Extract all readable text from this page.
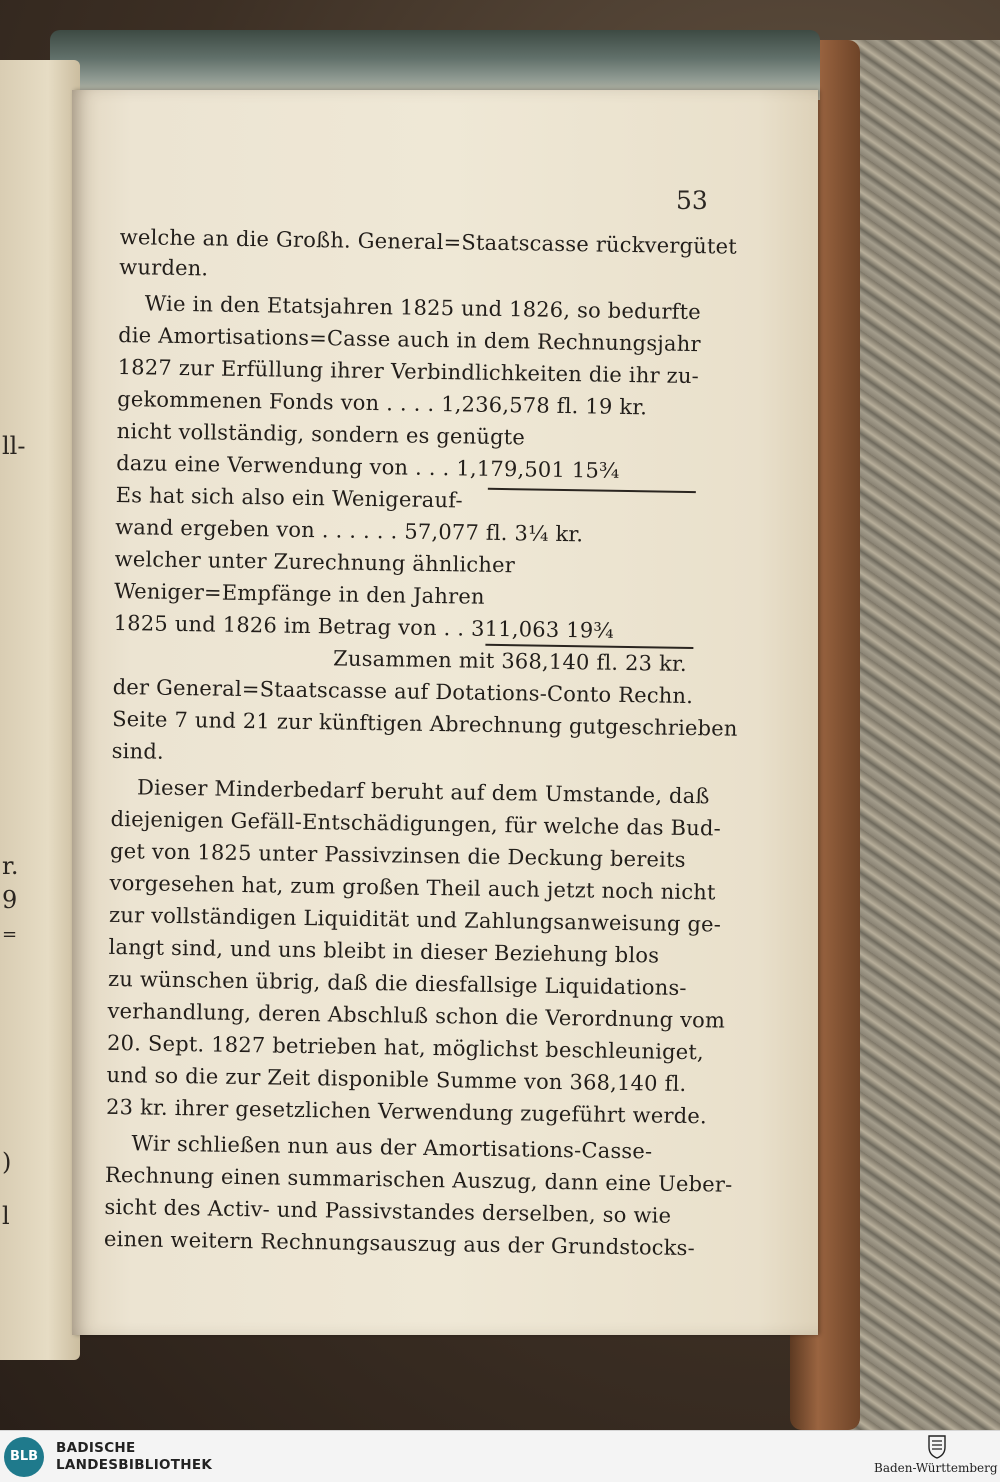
ll-
r.
9
=
)
l
53
welche an die Großh. General=Staatscasse rückvergütet
wurden.
Wie in den Etatsjahren 1825 und 1826, so bedurfte
die Amortisations=Casse auch in dem Rechnungsjahr
1827 zur Erfüllung ihrer Verbindlichkeiten die ihr zu-
gekommenen Fonds von . . . . 1,236,578 fl. 19 kr.
nicht vollständig, sondern es genügte
dazu eine Verwendung von . . . 1,179,501 15¾
Es hat sich also ein Wenigerauf-
wand ergeben von . . . . . . 57,077 fl. 3¼ kr.
welcher unter Zurechnung ähnlicher
Weniger=Empfänge in den Jahren
1825 und 1826 im Betrag von . . 311,063 19¾
Zusammen mit 368,140 fl. 23 kr.
der General=Staatscasse auf Dotations-Conto Rechn.
Seite 7 und 21 zur künftigen Abrechnung gutgeschrieben
sind.
Dieser Minderbedarf beruht auf dem Umstande, daß
diejenigen Gefäll-Entschädigungen, für welche das Bud-
get von 1825 unter Passivzinsen die Deckung bereits
vorgesehen hat, zum großen Theil auch jetzt noch nicht
zur vollständigen Liquidität und Zahlungsanweisung ge-
langt sind, und uns bleibt in dieser Beziehung blos
zu wünschen übrig, daß die diesfallsige Liquidations-
verhandlung, deren Abschluß schon die Verordnung vom
20. Sept. 1827 betrieben hat, möglichst beschleuniget,
und so die zur Zeit disponible Summe von 368,140 fl.
23 kr. ihrer gesetzlichen Verwendung zugeführt werde.
Wir schließen nun aus der Amortisations-Casse-
Rechnung einen summarischen Auszug, dann eine Ueber-
sicht des Activ- und Passivstandes derselben, so wie
einen weitern Rechnungsauszug aus der Grundstocks-
BLB
BADISCHE
LANDESBIBLIOTHEK	Baden-Württemberg
